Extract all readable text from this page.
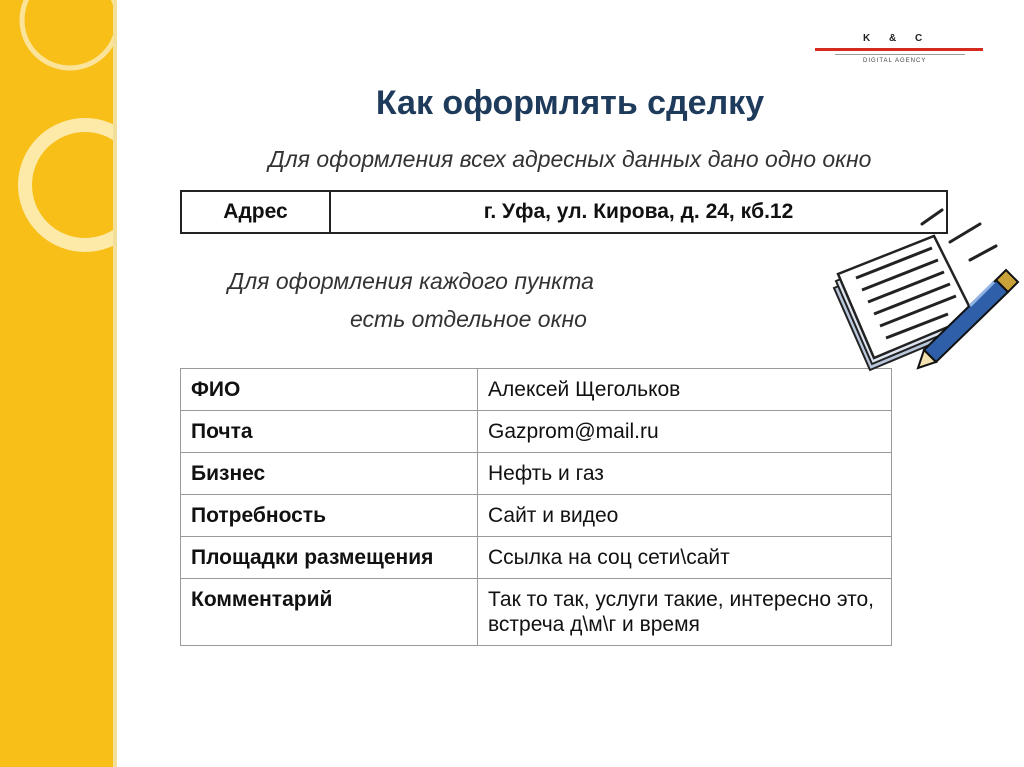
K & C
DIGITAL AGENCY
Как оформлять сделку
Для оформления всех адресных данных дано одно окно
Адрес	г. Уфа, ул. Кирова, д. 24, кб.12
Для оформления каждого пункта
есть отдельное окно
ФИО	Алексей Щегольков
Почта	Gazprom@mail.ru
Бизнес	Нефть и газ
Потребность	Сайт и видео
Площадки размещения	Ссылка на соц сети\сайт
Комментарий	Так то так, услуги такие, интересно это, встреча д\м\г и время
